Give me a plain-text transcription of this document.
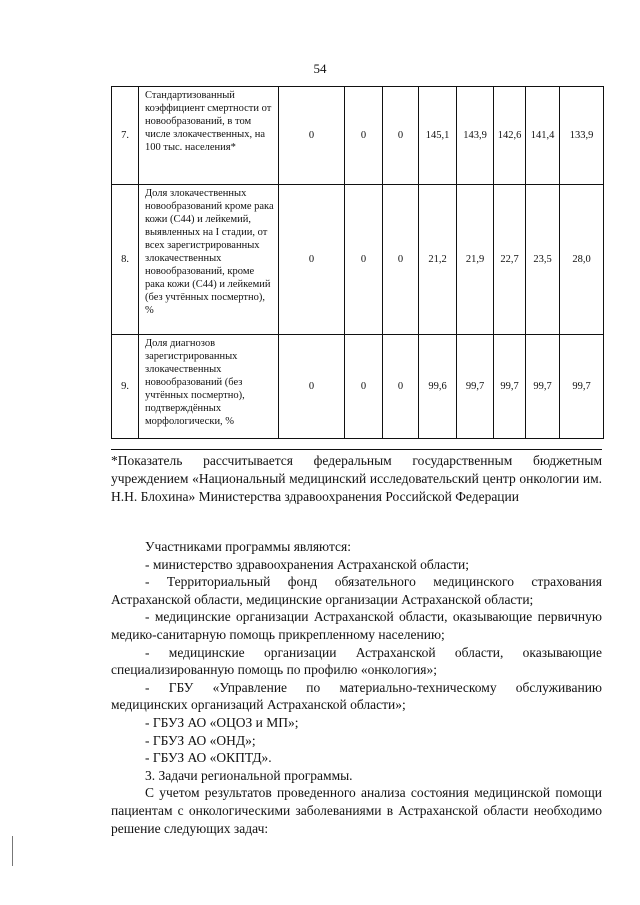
54
7.	Стандартизованный коэффициент смертности от новообразований, в том числе злокачественных, на 100 тыс. населения*	0	0	0	145,1	143,9	142,6	141,4	133,9
8.	Доля злокачественных новообразований кроме рака кожи (С44) и лейкемий, выявленных на I стадии, от всех зарегистрированных злокачественных новообразований, кроме рака кожи (С44) и лейкемий (без учтённых посмертно), %	0	0	0	21,2	21,9	22,7	23,5	28,0
9.	Доля диагнозов зарегистрированных злокачественных новообразований (без учтённых посмертно), подтверждённых морфологически, %	0	0	0	99,6	99,7	99,7	99,7	99,7
*Показатель рассчитывается федеральным государственным бюджетным учреждением «Национальный медицинский исследовательский центр онкологии им. Н.Н. Блохина» Министерства здравоохранения Российской Федерации

Участниками программы являются:

- министерство здравоохранения Астраханской области;

- Территориальный фонд обязательного медицинского страхования Астраханской области, медицинские организации Астраханской области;

- медицинские организации Астраханской области, оказывающие первичную медико-санитарную помощь прикрепленному населению;

- медицинские организации Астраханской области, оказывающие специализированную помощь по профилю «онкология»;

- ГБУ «Управление по материально-техническому обслуживанию медицинских организаций Астраханской области»;

- ГБУЗ АО «ОЦОЗ и МП»;

- ГБУЗ АО «ОНД»;

- ГБУЗ АО «ОКПТД».

3. Задачи региональной программы.

С учетом результатов проведенного анализа состояния медицинской помощи пациентам с онкологическими заболеваниями в Астраханской области необходимо решение следующих задач:
